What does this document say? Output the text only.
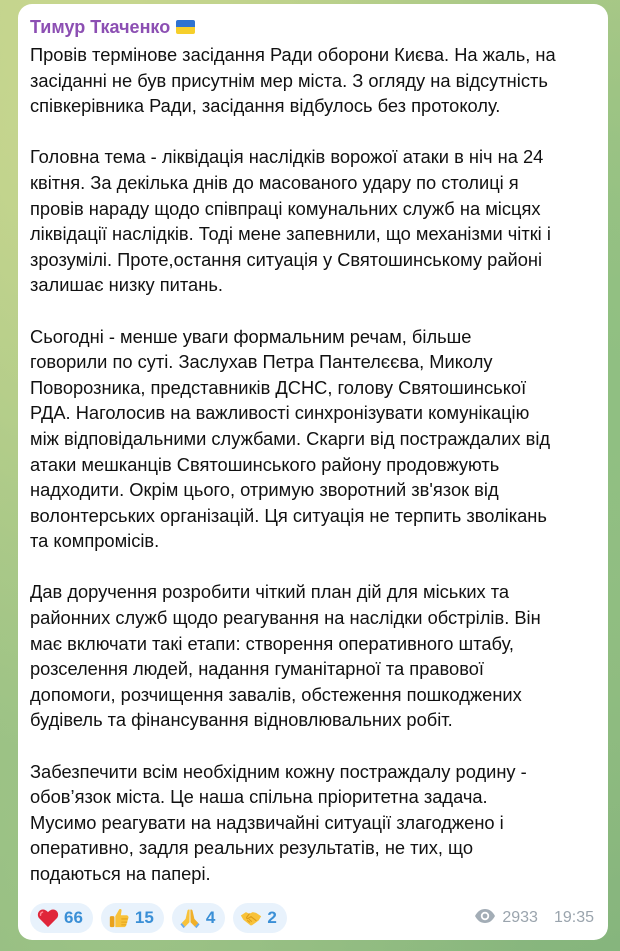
Тимур Ткаченко
Провів термінове засідання Ради оборони Києва. На жаль, на
засіданні не був присутнім мер міста. З огляду на відсутність
співкерівника Ради, засідання відбулось без протоколу.
Головна тема - ліквідація наслідків ворожої атаки в ніч на 24
квітня. За декілька днів до масованого удару по столиці я
провів нараду щодо співпраці комунальних служб на місцях
ліквідації наслідків. Тоді мене запевнили, що механізми чіткі і
зрозумілі. Проте,остання ситуація у Святошинському районі
залишає низку питань.
Сьогодні - менше уваги формальним речам, більше
говорили по суті. Заслухав Петра Пантелєєва, Миколу
Поворозника, представників ДСНС, голову Святошинської
РДА. Наголосив на важливості синхронізувати комунікацію
між відповідальними службами. Скарги від постраждалих від
атаки мешканців Святошинського району продовжують
надходити. Окрім цього, отримую зворотний зв'язок від
волонтерських організацій. Ця ситуація не терпить зволікань
та компромісів.
Дав доручення розробити чіткий план дій для міських та
районних служб щодо реагування на наслідки обстрілів. Він
має включати такі етапи: створення оперативного штабу,
розселення людей, надання гуманітарної та правової
допомоги, розчищення завалів, обстеження пошкоджених
будівель та фінансування відновлювальних робіт.
Забезпечити всім необхідним кожну постраждалу родину -
обов’язок міста. Це наша спільна пріоритетна задача.
Мусимо реагувати на надзвичайні ситуації злагоджено і
оперативно, задля реальних результатів, не тих, що
подаються на папері.
66	15	4	2	2933 19:35
